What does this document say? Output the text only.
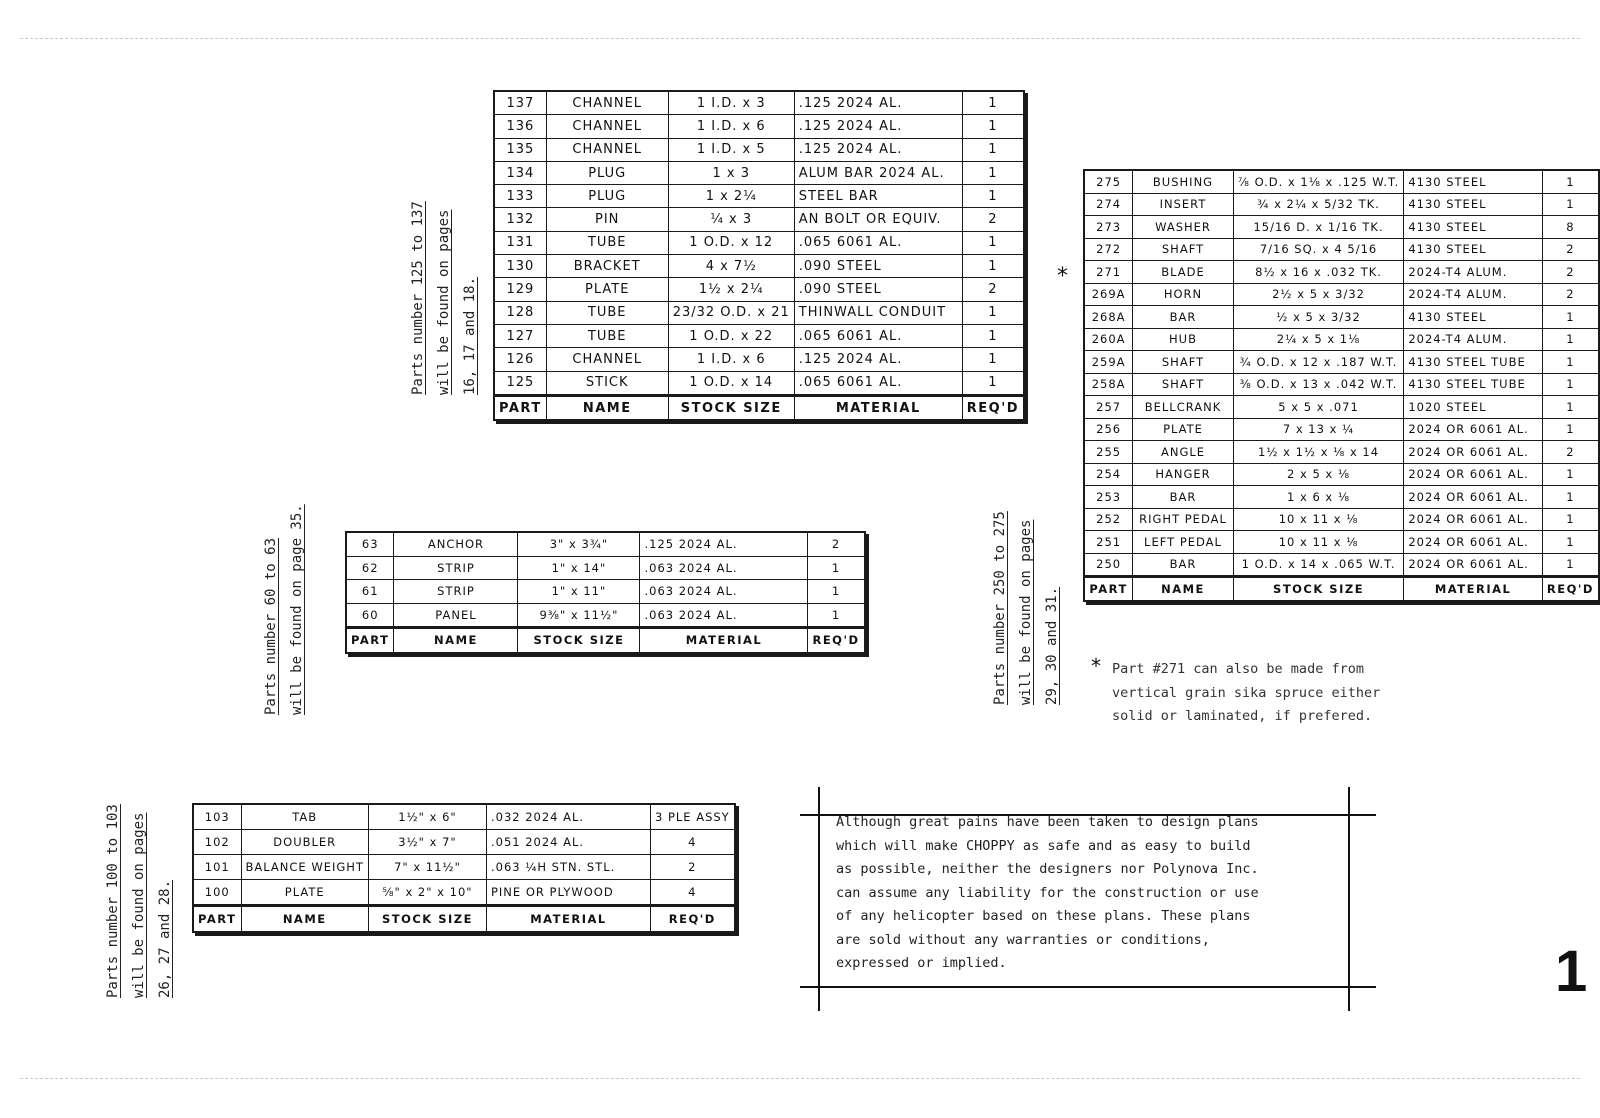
137	CHANNEL	1 I.D. x 3	.125 2024 AL.	1
136	CHANNEL	1 I.D. x 6	.125 2024 AL.	1
135	CHANNEL	1 I.D. x 5	.125 2024 AL.	1
134	PLUG	1 x 3	ALUM BAR 2024 AL.	1
133	PLUG	1 x 2¼	STEEL BAR	1
132	PIN	¼ x 3	AN BOLT OR EQUIV.	2
131	TUBE	1 O.D. x 12	.065 6061 AL.	1
130	BRACKET	4 x 7½	.090 STEEL	1
129	PLATE	1½ x 2¼	.090 STEEL	2
128	TUBE	23/32 O.D. x 21	THINWALL CONDUIT	1
127	TUBE	1 O.D. x 22	.065 6061 AL.	1
126	CHANNEL	1 I.D. x 6	.125 2024 AL.	1
125	STICK	1 O.D. x 14	.065 6061 AL.	1
PART	NAME	STOCK SIZE	MATERIAL	REQ'D
63	ANCHOR	3" x 3¾"	.125 2024 AL.	2
62	STRIP	1" x 14"	.063 2024 AL.	1
61	STRIP	1" x 11"	.063 2024 AL.	1
60	PANEL	9⅜" x 11½"	.063 2024 AL.	1
PART	NAME	STOCK SIZE	MATERIAL	REQ'D
275	BUSHING	⅞ O.D. x 1⅛ x .125 W.T.	4130 STEEL	1
274	INSERT	¾ x 2¼ x 5/32 TK.	4130 STEEL	1
273	WASHER	15/16 D. x 1/16 TK.	4130 STEEL	8
272	SHAFT	7/16 SQ. x 4 5/16	4130 STEEL	2
271	BLADE	8½ x 16 x .032 TK.	2024-T4 ALUM.	2
269A	HORN	2½ x 5 x 3/32	2024-T4 ALUM.	2
268A	BAR	½ x 5 x 3/32	4130 STEEL	1
260A	HUB	2¼ x 5 x 1⅛	2024-T4 ALUM.	1
259A	SHAFT	¾ O.D. x 12 x .187 W.T.	4130 STEEL TUBE	1
258A	SHAFT	⅜ O.D. x 13 x .042 W.T.	4130 STEEL TUBE	1
257	BELLCRANK	5 x 5 x .071	1020 STEEL	1
256	PLATE	7 x 13 x ¼	2024 OR 6061 AL.	1
255	ANGLE	1½ x 1½ x ⅛ x 14	2024 OR 6061 AL.	2
254	HANGER	2 x 5 x ⅛	2024 OR 6061 AL.	1
253	BAR	1 x 6 x ⅛	2024 OR 6061 AL.	1
252	RIGHT PEDAL	10 x 11 x ⅛	2024 OR 6061 AL.	1
251	LEFT PEDAL	10 x 11 x ⅛	2024 OR 6061 AL.	1
250	BAR	1 O.D. x 14 x .065 W.T.	2024 OR 6061 AL.	1
PART	NAME	STOCK SIZE	MATERIAL	REQ'D
103	TAB	1½" x 6"	.032 2024 AL.	3 PLE ASSY
102	DOUBLER	3½" x 7"	.051 2024 AL.	4
101	BALANCE WEIGHT	7" x 11½"	.063 ¼H STN. STL.	2
100	PLATE	⅝" x 2" x 10"	PINE OR PLYWOOD	4
PART	NAME	STOCK SIZE	MATERIAL	REQ'D
Parts number 125 to 137 will be found on pages 16, 17 and 18.
Parts number 60 to 63 will be found on page 35.	Parts number 250 to 275 will be found on pages 29, 30 and 31.
Parts number 100 to 103 will be found on pages 26, 27 and 28.
*
* Part #271 can also be made from
vertical grain sika spruce either
solid or laminated, if prefered.
Although great pains have been taken to design plans
which will make CHOPPY as safe and as easy to build
as possible, neither the designers nor Polynova Inc.
can assume any liability for the construction or use
of any helicopter based on these plans. These plans
are sold without any warranties or conditions,
expressed or implied.	1
